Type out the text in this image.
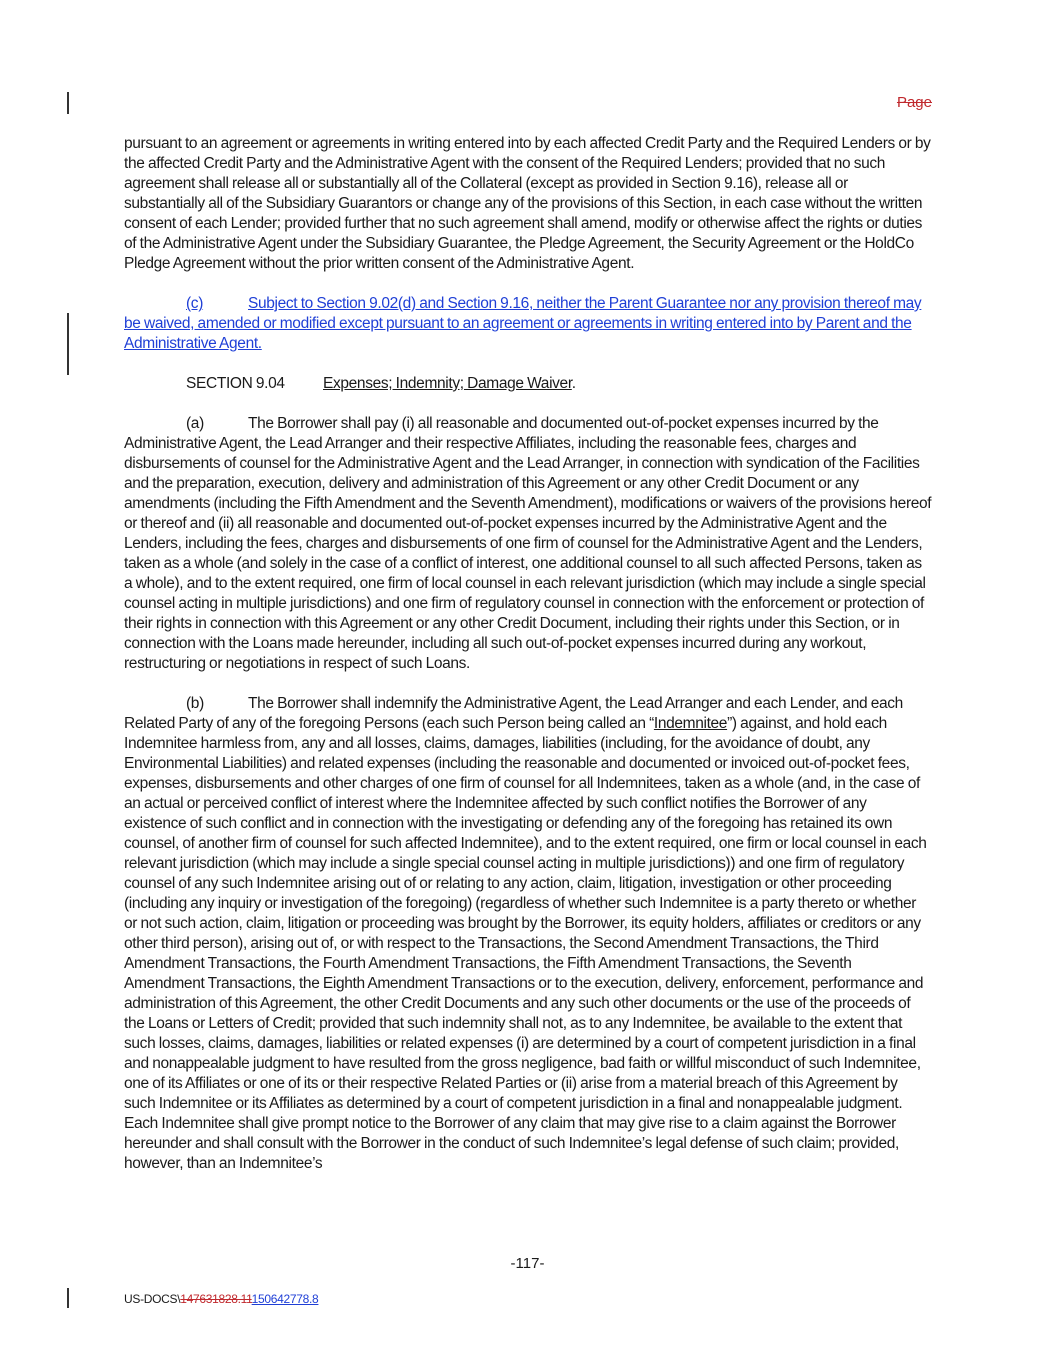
Page

pursuant to an agreement or agreements in writing entered into by each affected Credit Party and the Required Lenders or by the affected Credit Party and the Administrative Agent with the consent of the Required Lenders; provided that no such agreement shall release all or substantially all of the Collateral (except as provided in Section 9.16), release all or substantially all of the Subsidiary Guarantors or change any of the provisions of this Section, in each case without the written consent of each Lender; provided further that no such agreement shall amend, modify or otherwise affect the rights or duties of the Administrative Agent under the Subsidiary Guarantee, the Pledge Agreement, the Security Agreement or the HoldCo Pledge Agreement without the prior written consent of the Administrative Agent.

(c)	Subject to Section 9.02(d) and Section 9.16, neither the Parent Guarantee nor any provision thereof may be waived, amended or modified except pursuant to an agreement or agreements in writing entered into by Parent and the Administrative Agent.

SECTION 9.04 Expenses; Indemnity; Damage Waiver.

(a)	The Borrower shall pay (i) all reasonable and documented out-of-pocket expenses incurred by the Administrative Agent, the Lead Arranger and their respective Affiliates, including the reasonable fees, charges and disbursements of counsel for the Administrative Agent and the Lead Arranger, in connection with syndication of the Facilities and the preparation, execution, delivery and administration of this Agreement or any other Credit Document or any amendments (including the Fifth Amendment and the Seventh Amendment), modifications or waivers of the provisions hereof or thereof and (ii) all reasonable and documented out-of-pocket expenses incurred by the Administrative Agent and the Lenders, including the fees, charges and disbursements of one firm of counsel for the Administrative Agent and the Lenders, taken as a whole (and solely in the case of a conflict of interest, one additional counsel to all such affected Persons, taken as a whole), and to the extent required, one firm of local counsel in each relevant jurisdiction (which may include a single special counsel acting in multiple jurisdictions) and one firm of regulatory counsel in connection with the enforcement or protection of their rights in connection with this Agreement or any other Credit Document, including their rights under this Section, or in connection with the Loans made hereunder, including all such out-of-pocket expenses incurred during any workout, restructuring or negotiations in respect of such Loans.

(b)	The Borrower shall indemnify the Administrative Agent, the Lead Arranger and each Lender, and each Related Party of any of the foregoing Persons (each such Person being called an “Indemnitee”) against, and hold each Indemnitee harmless from, any and all losses, claims, damages, liabilities (including, for the avoidance of doubt, any Environmental Liabilities) and related expenses (including the reasonable and documented or invoiced out-of-pocket fees, expenses, disbursements and other charges of one firm of counsel for all Indemnitees, taken as a whole (and, in the case of an actual or perceived conflict of interest where the Indemnitee affected by such conflict notifies the Borrower of any existence of such conflict and in connection with the investigating or defending any of the foregoing has retained its own counsel, of another firm of counsel for such affected Indemnitee), and to the extent required, one firm or local counsel in each relevant jurisdiction (which may include a single special counsel acting in multiple jurisdictions)) and one firm of regulatory counsel of any such Indemnitee arising out of or relating to any action, claim, litigation, investigation or other proceeding (including any inquiry or investigation of the foregoing) (regardless of whether such Indemnitee is a party thereto or whether or not such action, claim, litigation or proceeding was brought by the Borrower, its equity holders, affiliates or creditors or any other third person), arising out of, or with respect to the Transactions, the Second Amendment Transactions, the Third Amendment Transactions, the Fourth Amendment Transactions, the Fifth Amendment Transactions, the Seventh Amendment Transactions, the Eighth Amendment Transactions or to the execution, delivery, enforcement, performance and administration of this Agreement, the other Credit Documents and any such other documents or the use of the proceeds of the Loans or Letters of Credit; provided that such indemnity shall not, as to any Indemnitee, be available to the extent that such losses, claims, damages, liabilities or related expenses (i) are determined by a court of competent jurisdiction in a final and nonappealable judgment to have resulted from the gross negligence, bad faith or willful misconduct of such Indemnitee, one of its Affiliates or one of its or their respective Related Parties or (ii) arise from a material breach of this Agreement by such Indemnitee or its Affiliates as determined by a court of competent jurisdiction in a final and nonappealable judgment. Each Indemnitee shall give prompt notice to the Borrower of any claim that may give rise to a claim against the Borrower hereunder and shall consult with the Borrower in the conduct of such Indemnitee’s legal defense of such claim; provided, however, than an Indemnitee’s

-117-
US-DOCS\147631828.11150642778.8
